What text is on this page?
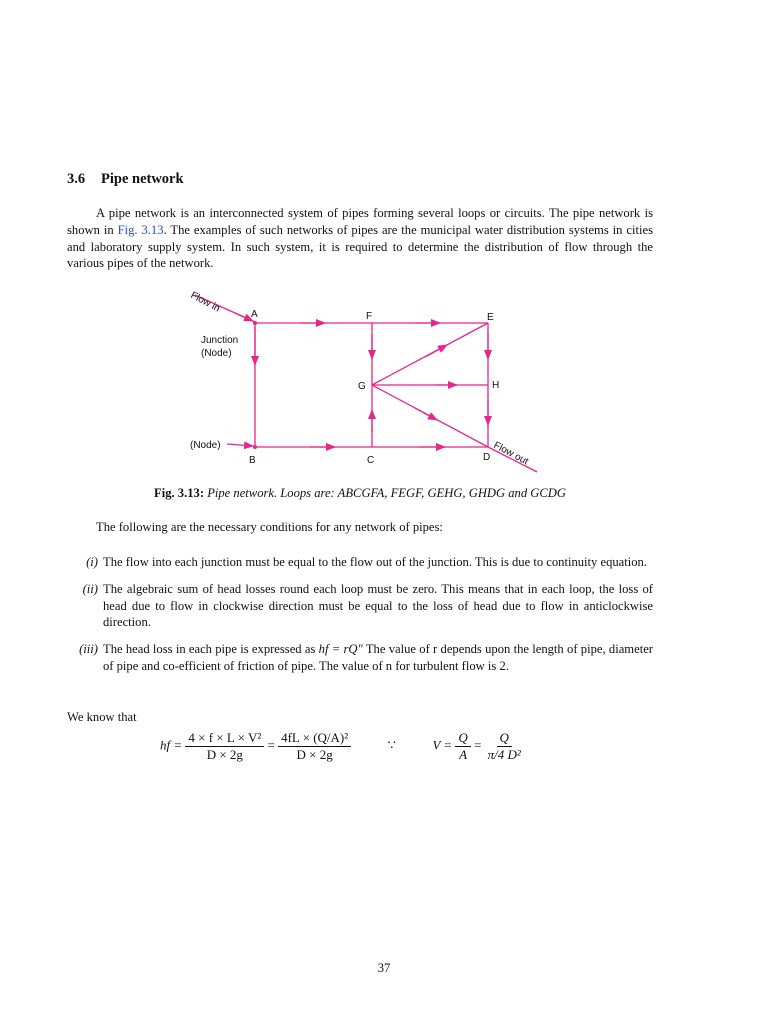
3.6 Pipe network
A pipe network is an interconnected system of pipes forming several loops or circuits. The pipe network is shown in Fig. 3.13. The examples of such networks of pipes are the municipal water distribution systems in cities and laboratory supply system. In such system, it is required to determine the distribution of flow through the various pipes of the network.
Flow in	A	F	E
Junction
(Node)
G	H
(Node)
B	C	D Flow out
Fig. 3.13: Pipe network. Loops are: ABCGFA, FEGF, GEHG, GHDG and GCDG
The following are the necessary conditions for any network of pipes:
(i) The flow into each junction must be equal to the flow out of the junction. This is due to continuity equation.
(ii) The algebraic sum of head losses round each loop must be zero. This means that in each loop, the loss of head due to flow in clockwise direction must be equal to the loss of head due to flow in anticlockwise direction.
(iii) The head loss in each pipe is expressed as hf = rQ″ The value of r depends upon the length of pipe, diameter of pipe and co-efficient of friction of pipe. The value of n for turbulent flow is 2.
We know that
hf = $\frac{\text{4 × f × L × V²}}{D \times 2g} = \frac{\text{4fL × (Q/A)²}}{D \times 2g}$	∵	$V = \frac{Q}{A} = \frac{Q}{\text{π/4 D²}}$
37
